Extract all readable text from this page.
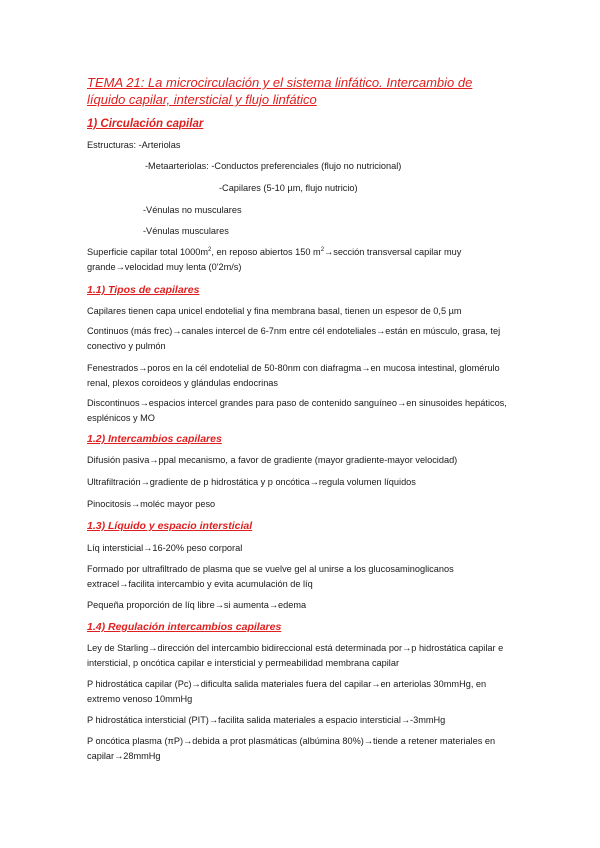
TEMA 21: La microcirculación y el sistema linfático. Intercambio de líquido capilar, intersticial y flujo linfático
1) Circulación capilar
Estructuras: -Arteriolas
-Metaarteriolas: -Conductos preferenciales (flujo no nutricional)
-Capilares (5-10 µm, flujo nutricio)
-Vénulas no musculares
-Vénulas musculares
Superficie capilar total $1000m^2$, en reposo abiertos 150 $m^2\to sección$ transversal capilar muy grande→velocidad muy lenta (0'2m/s)
1.1) Tipos de capilares
Capilares tienen capa unicel endotelial y fina membrana basal, tienen un espesor de 0,5 µm
Continuos (más frec)→canales intercel de 6-7nm entre cél endoteliales→están en músculo, grasa, tej conectivo y pulmón
Fenestrados→poros en la cél endotelial de 50-80nm con diafragma→en mucosa intestinal, glomérulo renal, plexos coroideos y glándulas endocrinas
Discontinuos→espacios intercel grandes para paso de contenido sanguíneo→en sinusoides hepáticos, esplénicos y MO
1.2) Intercambios capilares
Difusión pasiva→ppal mecanismo, a favor de gradiente (mayor gradiente-mayor velocidad)
Ultrafiltración→gradiente de p hidrostática y p oncótica→regula volumen líquidos
Pinocitosis→moléc mayor peso
1.3) Líquido y espacio intersticial
Líq intersticial→16-20% peso corporal
Formado por ultrafiltrado de plasma que se vuelve gel al unirse a los glucosaminoglicanos extracel→facilita intercambio y evita acumulación de líq
Pequeña proporción de líq libre→si aumenta→edema
1.4) Regulación intercambios capilares
Ley de Starling→dirección del intercambio bidireccional está determinada por→p hidrostática capilar e intersticial, p oncótica capilar e intersticial y permeabilidad membrana capilar
P hidrostática capilar (Pc)→dificulta salida materiales fuera del capilar→en arteriolas 30mmHg, en extremo venoso 10mmHg
P hidrostática intersticial (PIT)→facilita salida materiales a espacio intersticial→-3mmHg
P oncótica plasma (πP)→debida a prot plasmáticas (albúmina 80%)→tiende a retener materiales en capilar→28mmHg
